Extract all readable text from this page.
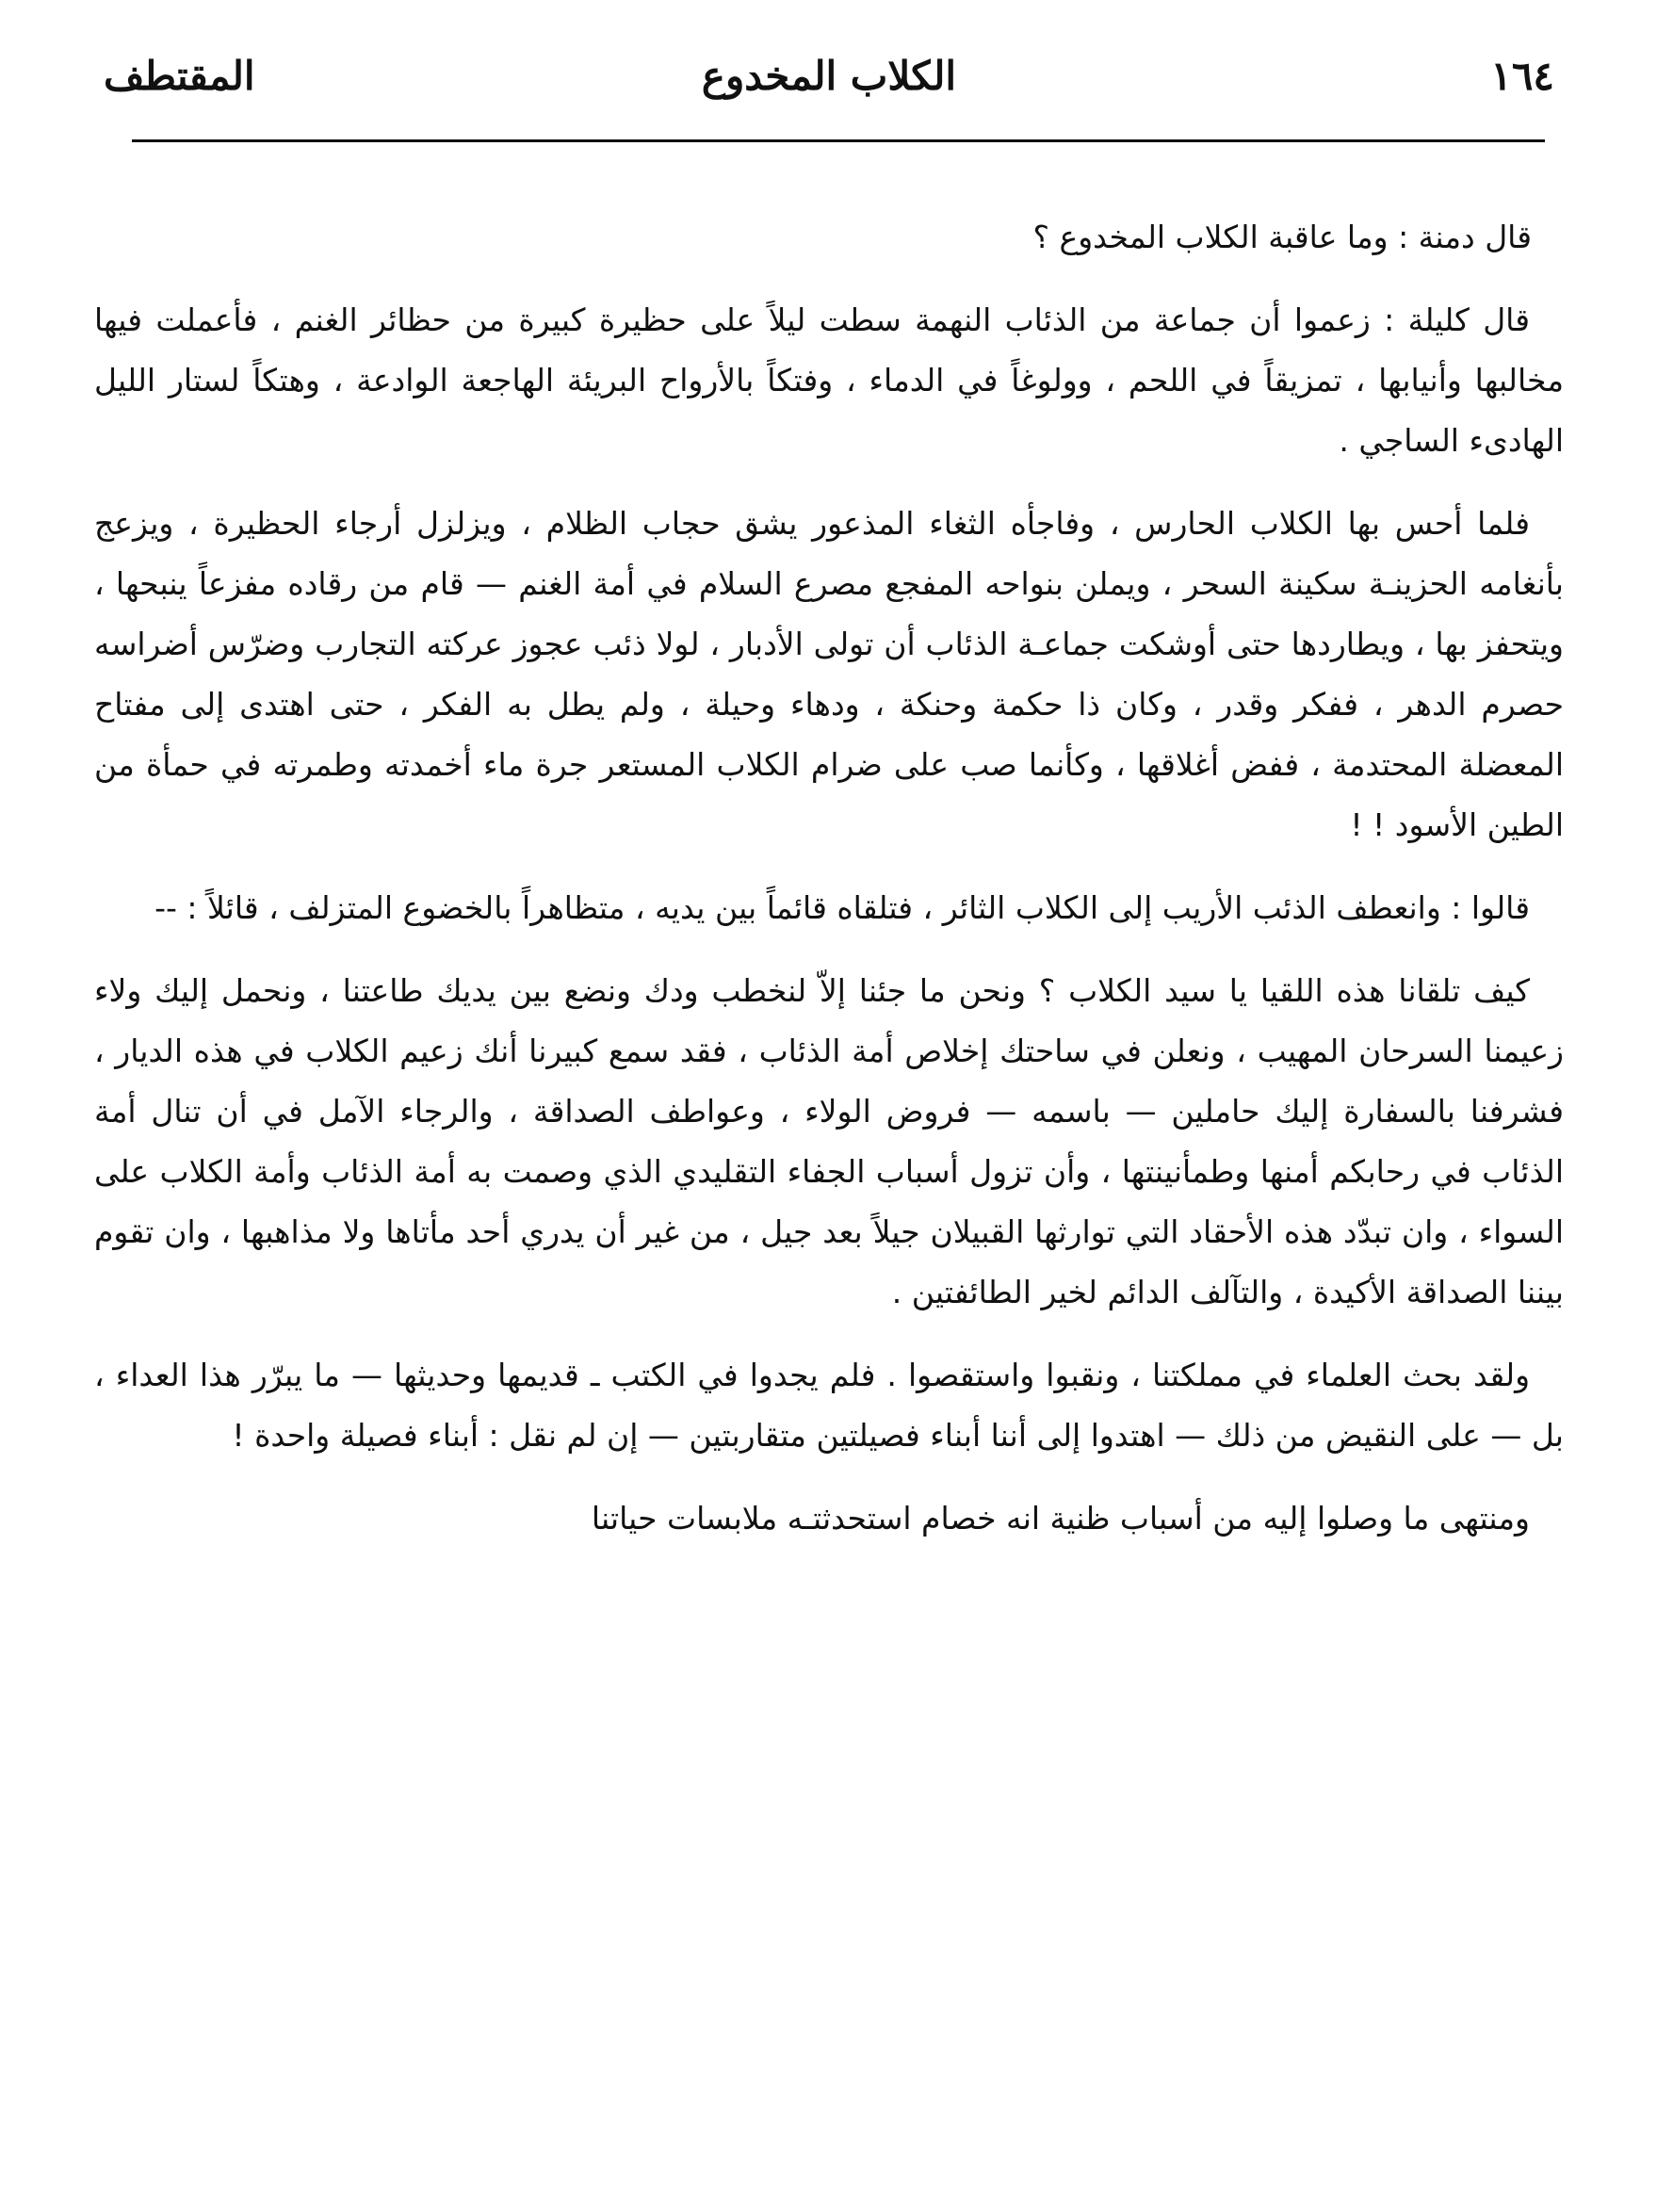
١٦٤
الكلاب المخدوع
المقتطف

قال دمنة : وما عاقبة الكلاب المخدوع ؟

قال كليلة : زعموا أن جماعة من الذئاب النهمة سطت ليلاً على حظيرة كبيرة من حظائر الغنم ، فأعملت فيها مخالبها وأنيابها ، تمزيقاً في اللحم ، وولوغاً في الدماء ، وفتكاً بالأرواح البريئة الهاجعة الوادعة ، وهتكاً لستار الليل الهادىء الساجي .

فلما أحس بها الكلاب الحارس ، وفاجأه الثغاء المذعور يشق حجاب الظلام ، ويزلزل أرجاء الحظيرة ، ويزعج بأنغامه الحزينـة سكينة السحر ، ويملن بنواحه المفجع مصرع السلام في أمة الغنم — قام من رقاده مفزعاً ينبحها ، ويتحفز بها ، ويطاردها حتى أوشكت جماعـة الذئاب أن تولى الأدبار ، لولا ذئب عجوز عركته التجارب وضرّس أضراسه حصرم الدهر ، ففكر وقدر ، وكان ذا حكمة وحنكة ، ودهاء وحيلة ، ولم يطل به الفكر ، حتى اهتدى إلى مفتاح المعضلة المحتدمة ، ففض أغلاقها ، وكأنما صب على ضرام الكلاب المستعر جرة ماء أخمدته وطمرته في حمأة من الطين الأسود ! !

قالوا : وانعطف الذئب الأريب إلى الكلاب الثائر ، فتلقاه قائماً بين يديه ، متظاهراً بالخضوع المتزلف ، قائلاً : --

كيف تلقانا هذه اللقيا يا سيد الكلاب ؟ ونحن ما جئنا إلاّ لنخطب ودك ونضع بين يديك طاعتنا ، ونحمل إليك ولاء زعيمنا السرحان المهيب ، ونعلن في ساحتك إخلاص أمة الذئاب ، فقد سمع كبيرنا أنك زعيم الكلاب في هذه الديار ، فشرفنا بالسفارة إليك حاملين — باسمه — فروض الولاء ، وعواطف الصداقة ، والرجاء الآمل في أن تنال أمة الذئاب في رحابكم أمنها وطمأنينتها ، وأن تزول أسباب الجفاء التقليدي الذي وصمت به أمة الذئاب وأمة الكلاب على السواء ، وان تبدّد هذه الأحقاد التي توارثها القبيلان جيلاً بعد جيل ، من غير أن يدري أحد مأتاها ولا مذاهبها ، وان تقوم بيننا الصداقة الأكيدة ، والتآلف الدائم لخير الطائفتين .

ولقد بحث العلماء في مملكتنا ، ونقبوا واستقصوا . فلم يجدوا في الكتب ـ قديمها وحديثها — ما يبرّر هذا العداء ، بل — على النقيض من ذلك — اهتدوا إلى أننا أبناء فصيلتين متقاربتين — إن لم نقل : أبناء فصيلة واحدة !

ومنتهى ما وصلوا إليه من أسباب ظنية انه خصام استحدثتـه ملابسات حياتنا
